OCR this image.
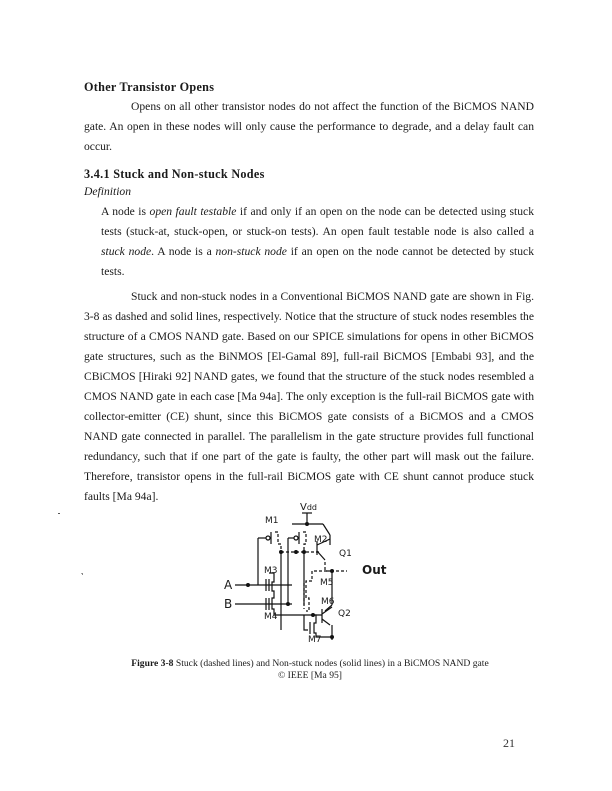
Other Transistor Opens
Opens on all other transistor nodes do not affect the function of the BiCMOS NAND gate. An open in these nodes will only cause the performance to degrade, and a delay fault can occur.
3.4.1 Stuck and Non-stuck Nodes
Definition
A node is open fault testable if and only if an open on the node can be detected using stuck tests (stuck-at, stuck-open, or stuck-on tests). An open fault testable node is also called a stuck node. A node is a non-stuck node if an open on the node cannot be detected by stuck tests.
Stuck and non-stuck nodes in a Conventional BiCMOS NAND gate are shown in Fig. 3-8 as dashed and solid lines, respectively. Notice that the structure of stuck nodes resembles the structure of a CMOS NAND gate. Based on our SPICE simulations for opens in other BiCMOS gate structures, such as the BiNMOS [El-Gamal 89], full-rail BiCMOS [Embabi 93], and the CBiCMOS [Hiraki 92] NAND gates, we found that the structure of the stuck nodes resembled a CMOS NAND gate in each case [Ma 94a]. The only exception is the full-rail BiCMOS gate with collector-emitter (CE) shunt, since this BiCMOS gate consists of a BiCMOS and a CMOS NAND gate connected in parallel. The parallelism in the gate structure provides full functional redundancy, such that if one part of the gate is faulty, the other part will mask out the failure. Therefore, transistor opens in the full-rail BiCMOS gate with CE shunt cannot produce stuck faults [Ma 94a].
Vdd
M1
M2
Q1
M3	Out
M5
A
B	M6
M4	Q2
M7
Figure 3-8 Stuck (dashed lines) and Non-stuck nodes (solid lines) in a BiCMOS NAND gate
© IEEE [Ma 95]
21
